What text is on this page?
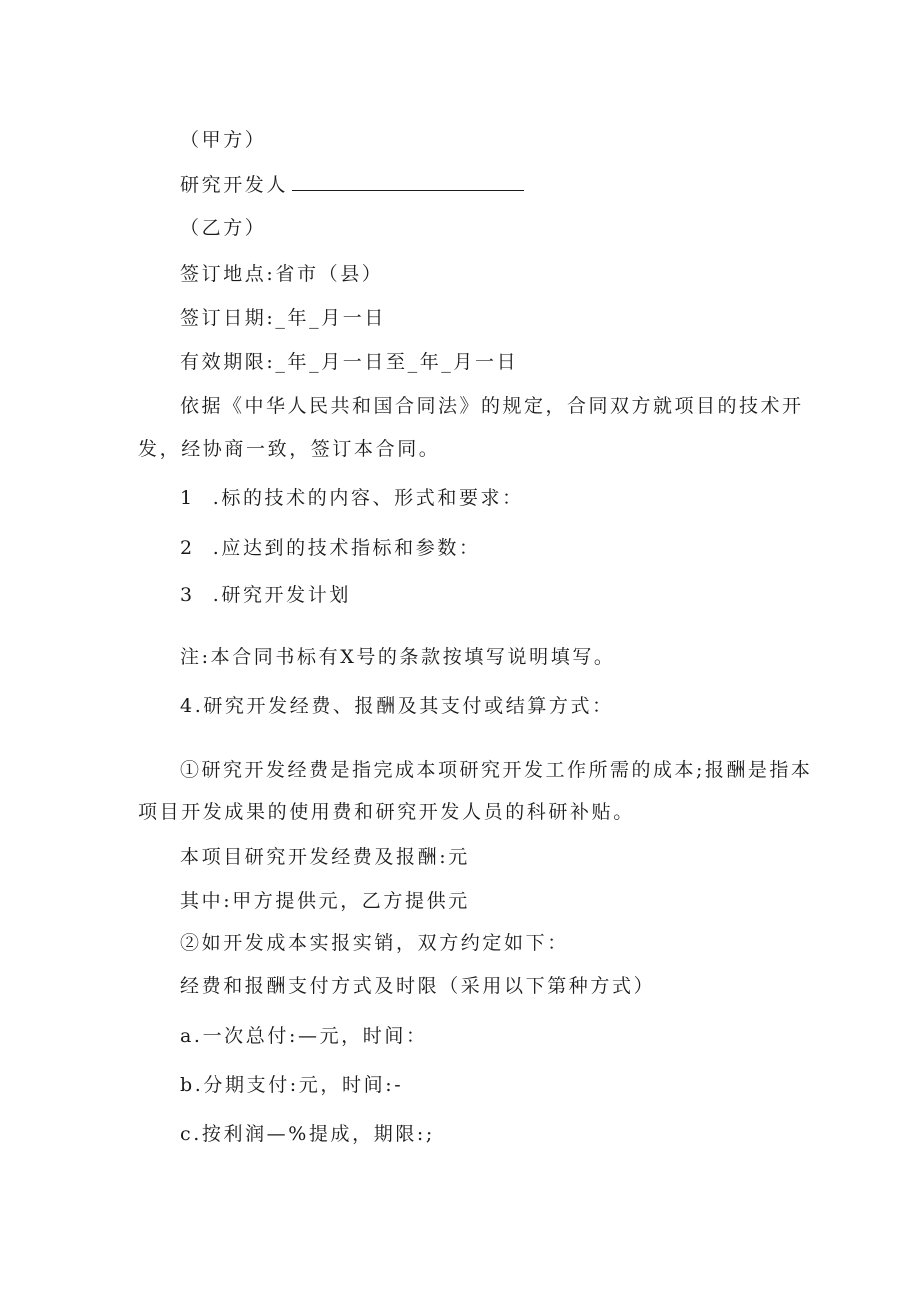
（甲方）
研究开发人
（乙方）
签订地点:省市（县）
签订日期:_年_月一日
有效期限:_年_月一日至_年_月一日
依据《中华人民共和国合同法》的规定，合同双方就项目的技术开
发，经协商一致，签订本合同。
1 .标的技术的内容、形式和要求：
2 .应达到的技术指标和参数：
3 .研究开发计划
注:本合同书标有X号的条款按填写说明填写。
4.研究开发经费、报酬及其支付或结算方式：
①研究开发经费是指完成本项研究开发工作所需的成本;报酬是指本
项目开发成果的使用费和研究开发人员的科研补贴。
本项目研究开发经费及报酬:元
其中:甲方提供元，乙方提供元
②如开发成本实报实销，双方约定如下：
经费和报酬支付方式及时限（采用以下第种方式）
a.一次总付:—元，时间：
b.分期支付:元，时间:-
c.按利润—%提成，期限:;
